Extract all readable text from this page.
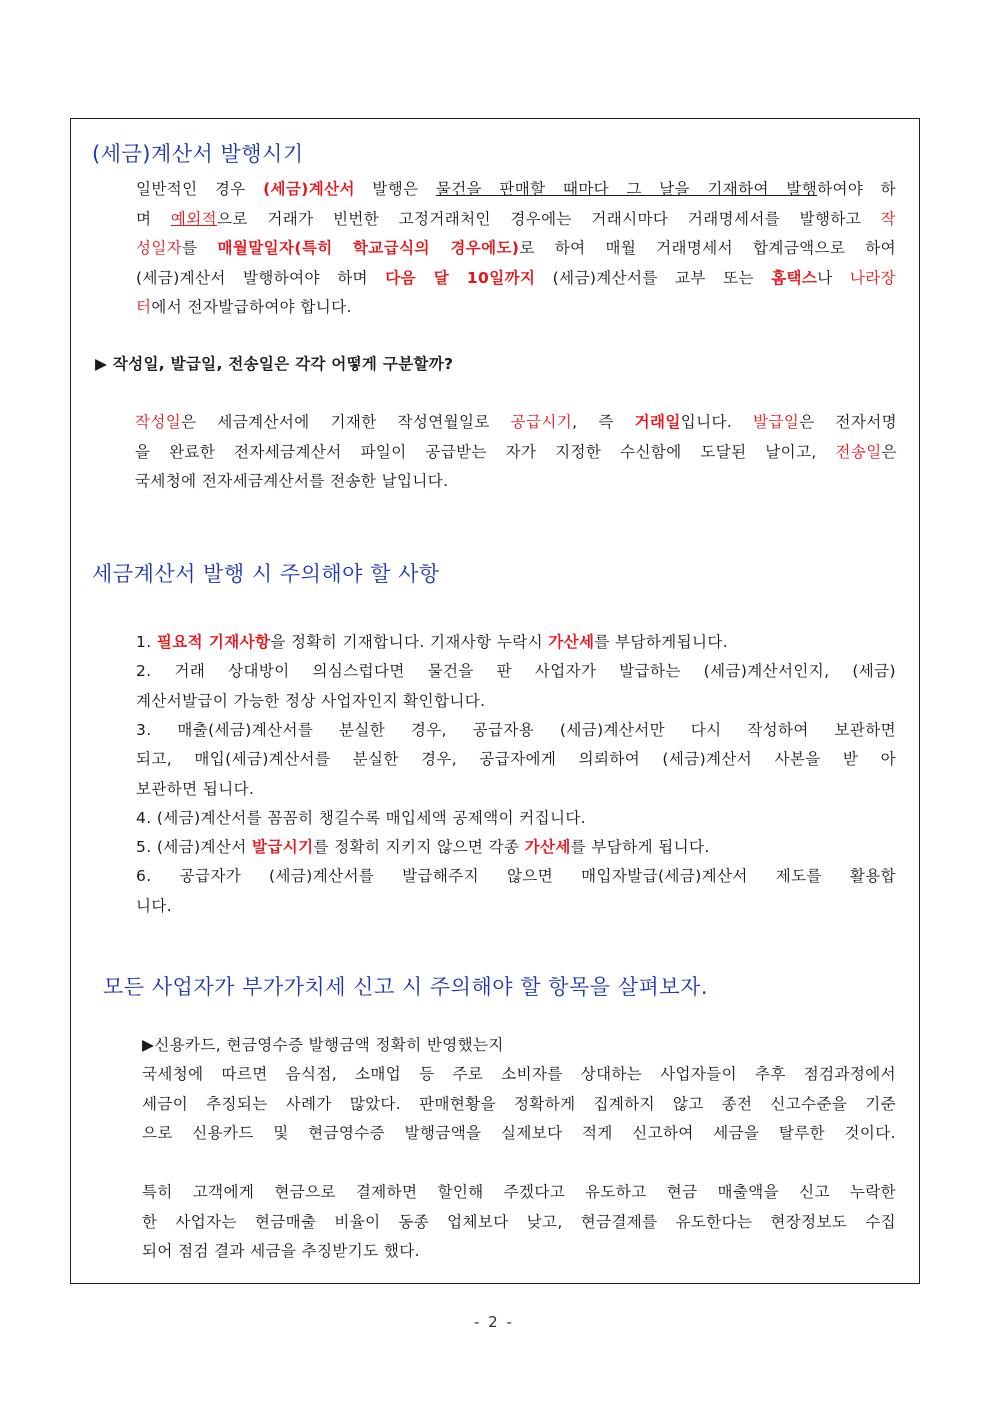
(세금)계산서 발행시기
일반적인 경우 (세금)계산서 발행은 물건을 판매할 때마다 그 날을 기재하여 발행하여야 하
며 예외적으로 거래가 빈번한 고정거래처인 경우에는 거래시마다 거래명세서를 발행하고 작
성일자를 매월말일자(특히 학교급식의 경우에도)로 하여 매월 거래명세서 합계금액으로 하여
(세금)계산서 발행하여야 하며 다음 달 10일까지 (세금)계산서를 교부 또는 홈택스나 나라장
터에서 전자발급하여야 합니다.
▶ 작성일, 발급일, 전송일은 각각 어떻게 구분할까?
작성일은 세금계산서에 기재한 작성연월일로 공급시기, 즉 거래일입니다. 발급일은 전자서명
을 완료한 전자세금계산서 파일이 공급받는 자가 지정한 수신함에 도달된 날이고, 전송일은
국세청에 전자세금계산서를 전송한 날입니다.
세금계산서 발행 시 주의해야 할 사항
1. 필요적 기재사항을 정확히 기재합니다. 기재사항 누락시 가산세를 부담하게됩니다.
2. 거래 상대방이 의심스럽다면 물건을 판 사업자가 발급하는 (세금)계산서인지, (세금)
계산서발급이 가능한 정상 사업자인지 확인합니다.
3. 매출(세금)계산서를 분실한 경우, 공급자용 (세금)계산서만 다시 작성하여 보관하면
되고, 매입(세금)계산서를 분실한 경우, 공급자에게 의뢰하여 (세금)계산서 사본을 받 아
보관하면 됩니다.
4. (세금)계산서를 꼼꼼히 챙길수록 매입세액 공제액이 커집니다.
5. (세금)계산서 발급시기를 정확히 지키지 않으면 각종 가산세를 부담하게 됩니다.
6. 공급자가 (세금)계산서를 발급해주지 않으면 매입자발급(세금)계산서 제도를 활용합
니다.
모든 사업자가 부가가치세 신고 시 주의해야 할 항목을 살펴보자.
▶신용카드, 현금영수증 발행금액 정확히 반영했는지
국세청에 따르면 음식점, 소매업 등 주로 소비자를 상대하는 사업자들이 추후 점검과정에서
세금이 추징되는 사례가 많았다. 판매현황을 정확하게 집계하지 않고 종전 신고수준을 기준
으로 신용카드 및 현금영수증 발행금액을 실제보다 적게 신고하여 세금을 탈루한 것이다.
특히 고객에게 현금으로 결제하면 할인해 주겠다고 유도하고 현금 매출액을 신고 누락한
한 사업자는 현금매출 비율이 동종 업체보다 낮고, 현금결제를 유도한다는 현장정보도 수집
되어 점검 결과 세금을 추징받기도 했다.
- 2 -
